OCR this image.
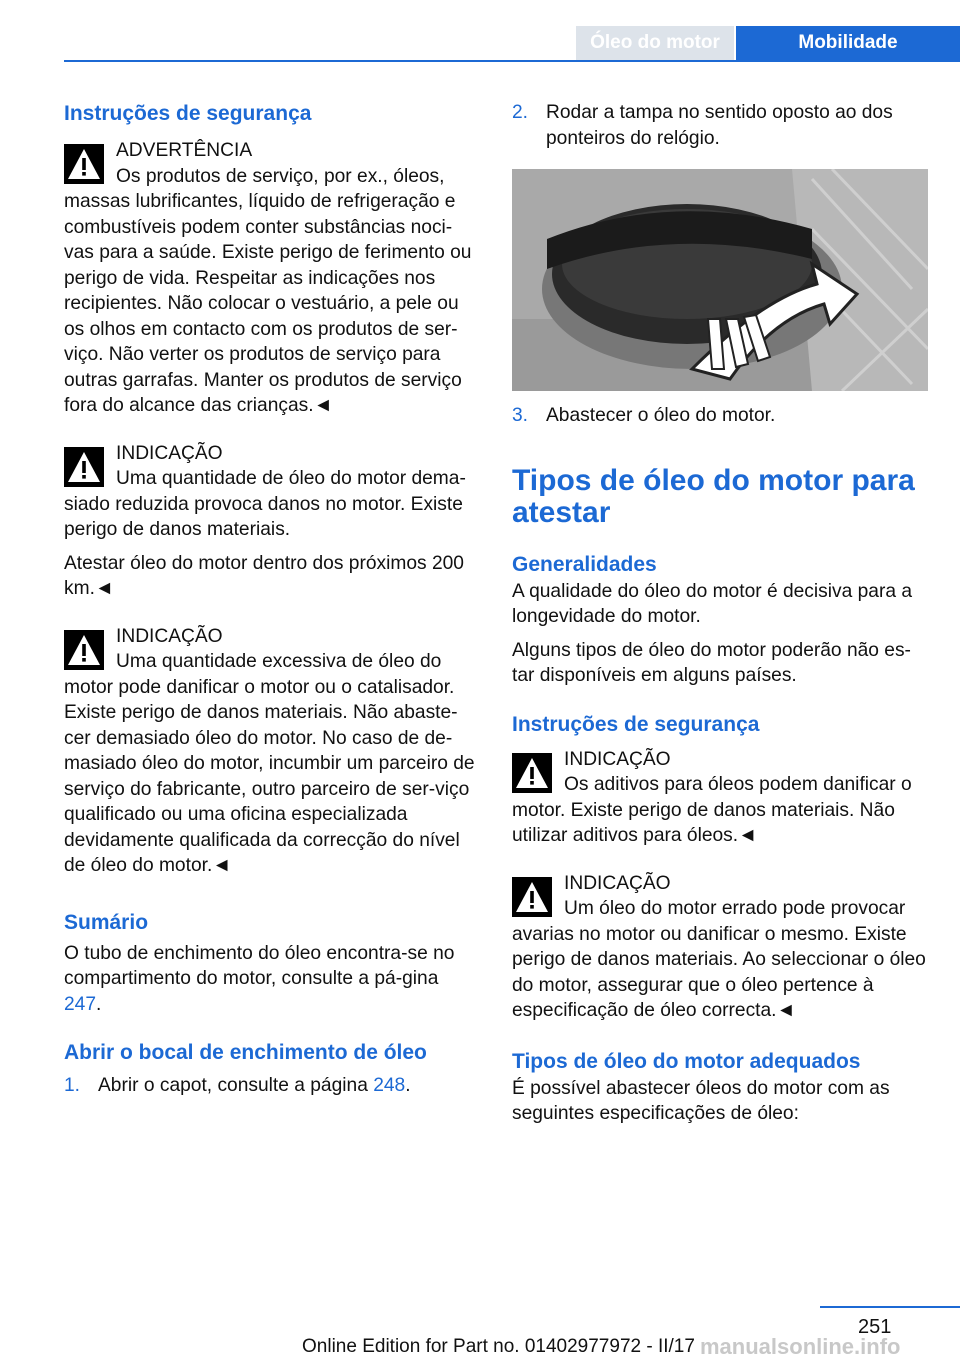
Óleo do motor	Mobilidade
Instruções de segurança

ADVERTÊNCIA

Os produtos de serviço, por ex., óleos, massas lubrificantes, líquido de refrigeração e combustíveis podem conter substâncias noci-vas para a saúde. Existe perigo de ferimento ou perigo de vida. Respeitar as indicações nos recipientes. Não colocar o vestuário, a pele ou os olhos em contacto com os produtos de ser-viço. Não verter os produtos de serviço para outras garrafas. Manter os produtos de serviço fora do alcance das crianças.◄

INDICAÇÃO

Uma quantidade de óleo do motor dema-siado reduzida provoca danos no motor. Existe perigo de danos materiais.

Atestar óleo do motor dentro dos próximos 200 km.◄

INDICAÇÃO

Uma quantidade excessiva de óleo do motor pode danificar o motor ou o catalisador. Existe perigo de danos materiais. Não abaste-cer demasiado óleo do motor. No caso de de-masiado óleo do motor, incumbir um parceiro de serviço do fabricante, outro parceiro de ser-viço qualificado ou uma oficina especializada devidamente qualificada da correcção do nível de óleo do motor.◄

Sumário

O tubo de enchimento do óleo encontra-se no compartimento do motor, consulte a pá-gina 247.

Abrir o bocal de enchimento de óleo
1. Abrir o capot, consulte a página 248.
2. Rodar a tampa no sentido oposto ao dos ponteiros do relógio.
3. Abastecer o óleo do motor.
Tipos de óleo do motor para atestar
Generalidades

A qualidade do óleo do motor é decisiva para a longevidade do motor.

Alguns tipos de óleo do motor poderão não es-tar disponíveis em alguns países.

Instruções de segurança

INDICAÇÃO

Os aditivos para óleos podem danificar o motor. Existe perigo de danos materiais. Não utilizar aditivos para óleos.◄

INDICAÇÃO

Um óleo do motor errado pode provocar avarias no motor ou danificar o mesmo. Existe perigo de danos materiais. Ao seleccionar o óleo do motor, assegurar que o óleo pertence à especificação de óleo correcta.◄

Tipos de óleo do motor adequados

É possível abastecer óleos do motor com as seguintes especificações de óleo:

251
Online Edition for Part no. 01402977972 - II/17 manualsonline.info
